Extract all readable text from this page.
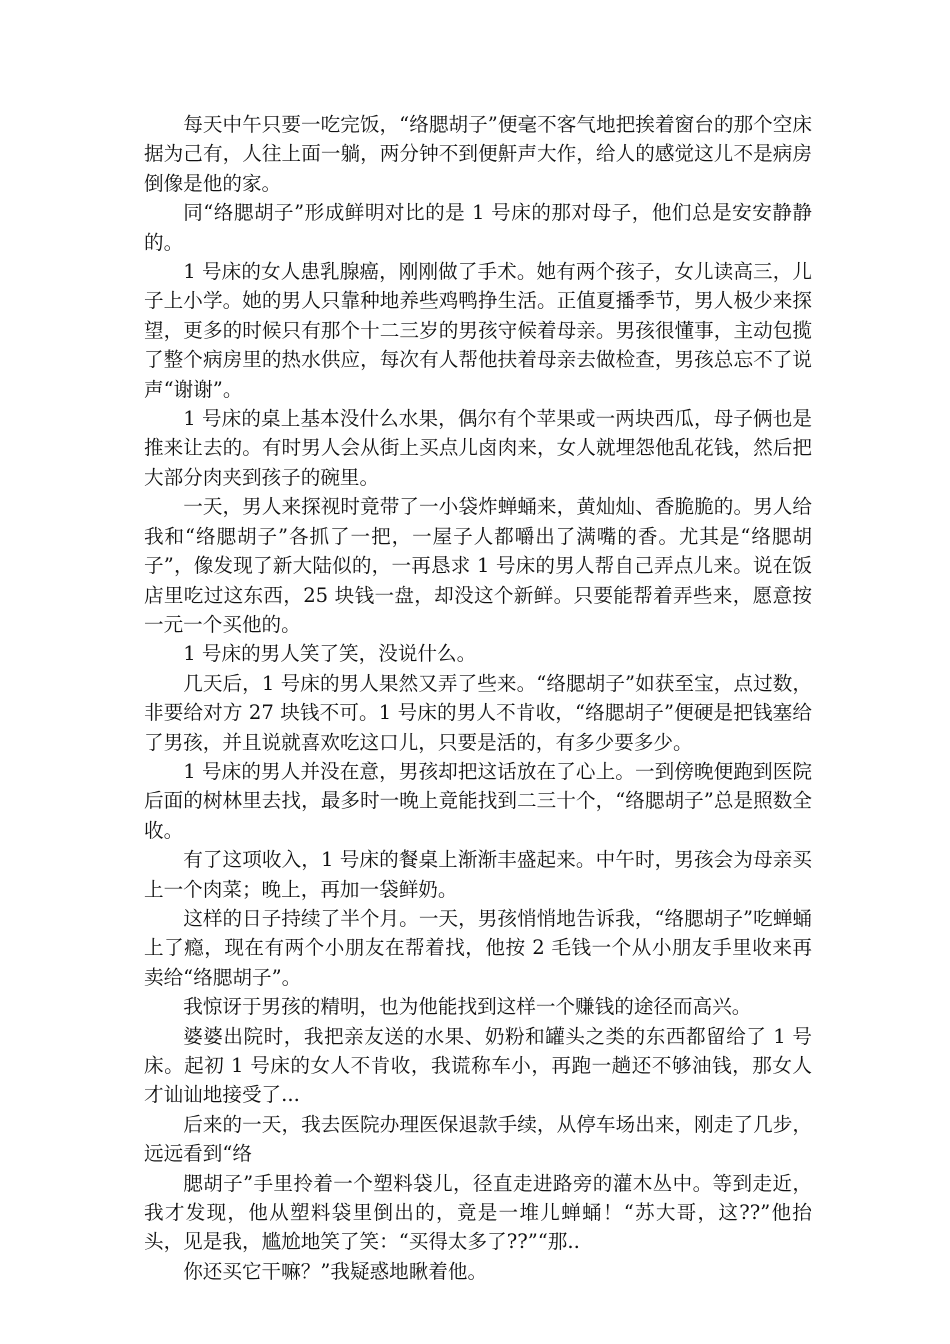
每天中午只要一吃完饭，“络腮胡子”便毫不客气地把挨着窗台的那个空床据为己有，人往上面一躺，两分钟不到便鼾声大作，给人的感觉这儿不是病房倒像是他的家。

同“络腮胡子”形成鲜明对比的是 1 号床的那对母子，他们总是安安静静的。

1 号床的女人患乳腺癌，刚刚做了手术。她有两个孩子，女儿读高三，儿子上小学。她的男人只靠种地养些鸡鸭挣生活。正值夏播季节，男人极少来探望，更多的时候只有那个十二三岁的男孩守候着母亲。男孩很懂事，主动包揽了整个病房里的热水供应，每次有人帮他扶着母亲去做检查，男孩总忘不了说声“谢谢”。

1 号床的桌上基本没什么水果，偶尔有个苹果或一两块西瓜，母子俩也是推来让去的。有时男人会从街上买点儿卤肉来，女人就埋怨他乱花钱，然后把大部分肉夹到孩子的碗里。

一天，男人来探视时竟带了一小袋炸蝉蛹来，黄灿灿、香脆脆的。男人给我和“络腮胡子”各抓了一把，一屋子人都嚼出了满嘴的香。尤其是“络腮胡子”，像发现了新大陆似的，一再恳求 1 号床的男人帮自己弄点儿来。说在饭店里吃过这东西，25 块钱一盘，却没这个新鲜。只要能帮着弄些来，愿意按一元一个买他的。

1 号床的男人笑了笑，没说什么。

几天后，1 号床的男人果然又弄了些来。“络腮胡子”如获至宝，点过数，非要给对方 27 块钱不可。1 号床的男人不肯收，“络腮胡子”便硬是把钱塞给了男孩，并且说就喜欢吃这口儿，只要是活的，有多少要多少。

1 号床的男人并没在意，男孩却把这话放在了心上。一到傍晚便跑到医院后面的树林里去找，最多时一晚上竟能找到二三十个，“络腮胡子”总是照数全收。

有了这项收入，1 号床的餐桌上渐渐丰盛起来。中午时，男孩会为母亲买上一个肉菜；晚上，再加一袋鲜奶。

这样的日子持续了半个月。一天，男孩悄悄地告诉我，“络腮胡子”吃蝉蛹上了瘾，现在有两个小朋友在帮着找，他按 2 毛钱一个从小朋友手里收来再卖给“络腮胡子”。

我惊讶于男孩的精明，也为他能找到这样一个赚钱的途径而高兴。

婆婆出院时，我把亲友送的水果、奶粉和罐头之类的东西都留给了 1 号床。起初 1 号床的女人不肯收，我谎称车小，再跑一趟还不够油钱，那女人才讪讪地接受了...

后来的一天，我去医院办理医保退款手续，从停车场出来，刚走了几步，远远看到“络

腮胡子”手里拎着一个塑料袋儿，径直走进路旁的灌木丛中。等到走近，我才发现，他从塑料袋里倒出的，竟是一堆儿蝉蛹！“苏大哥，这??”他抬头，见是我，尴尬地笑了笑：“买得太多了??”“那..

你还买它干嘛？”我疑惑地瞅着他。
